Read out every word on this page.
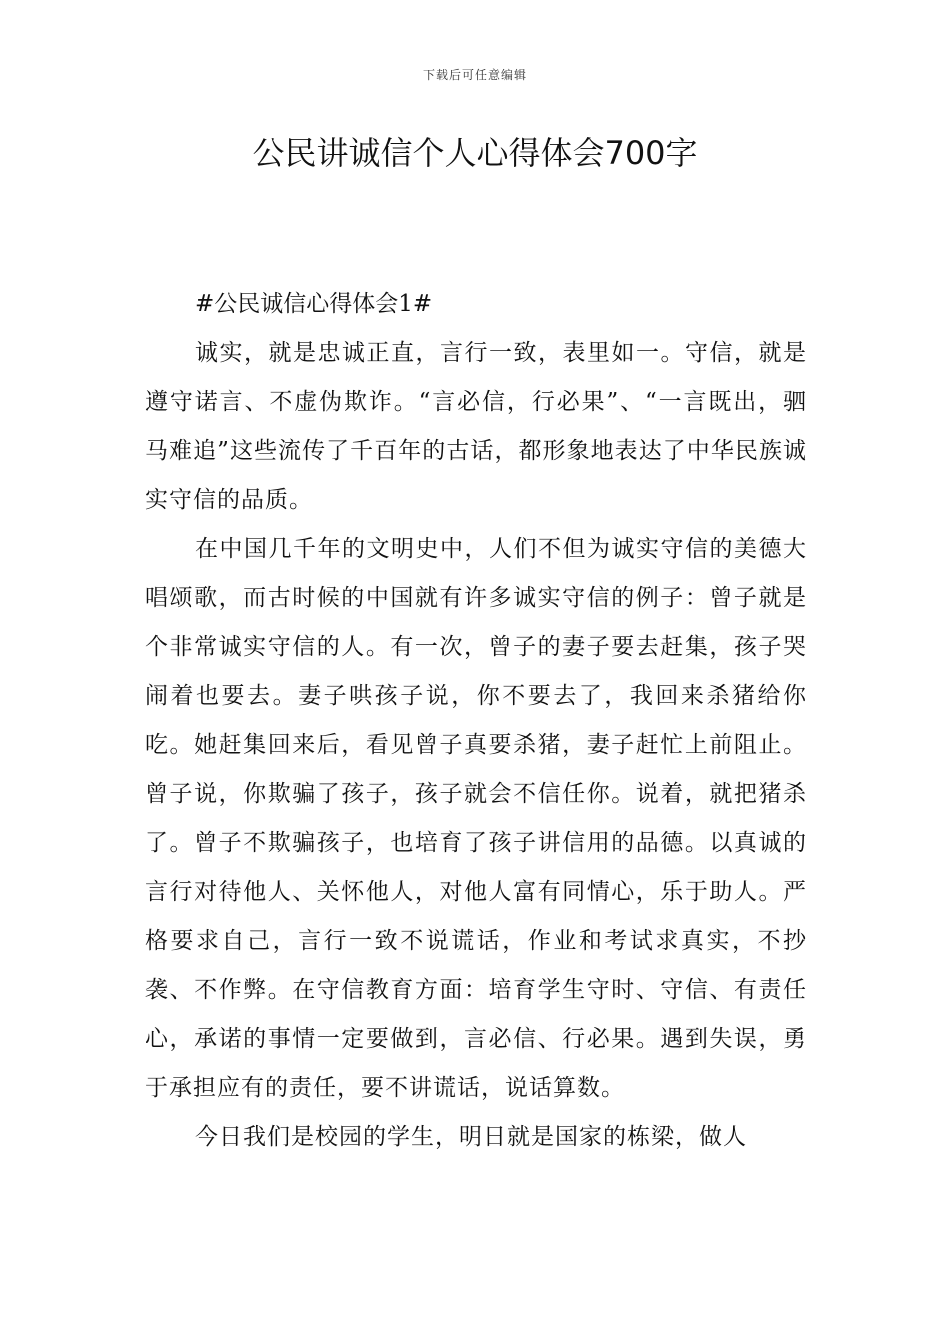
下载后可任意编辑
公民讲诚信个人心得体会700字

#公民诚信心得体会1#

诚实，就是忠诚正直，言行一致，表里如一。守信，就是遵守诺言、不虚伪欺诈。“言必信，行必果”、“一言既出，驷马难追”这些流传了千百年的古话，都形象地表达了中华民族诚实守信的品质。

在中国几千年的文明史中，人们不但为诚实守信的美德大唱颂歌，而古时候的中国就有许多诚实守信的例子：曾子就是个非常诚实守信的人。有一次，曾子的妻子要去赶集，孩子哭闹着也要去。妻子哄孩子说，你不要去了，我回来杀猪给你吃。她赶集回来后，看见曾子真要杀猪，妻子赶忙上前阻止。曾子说，你欺骗了孩子，孩子就会不信任你。说着，就把猪杀了。曾子不欺骗孩子，也培育了孩子讲信用的品德。以真诚的言行对待他人、关怀他人，对他人富有同情心，乐于助人。严格要求自己，言行一致不说谎话，作业和考试求真实，不抄袭、不作弊。在守信教育方面：培育学生守时、守信、有责任心，承诺的事情一定要做到，言必信、行必果。遇到失误，勇于承担应有的责任，要不讲谎话，说话算数。

今日我们是校园的学生，明日就是国家的栋梁，做人
